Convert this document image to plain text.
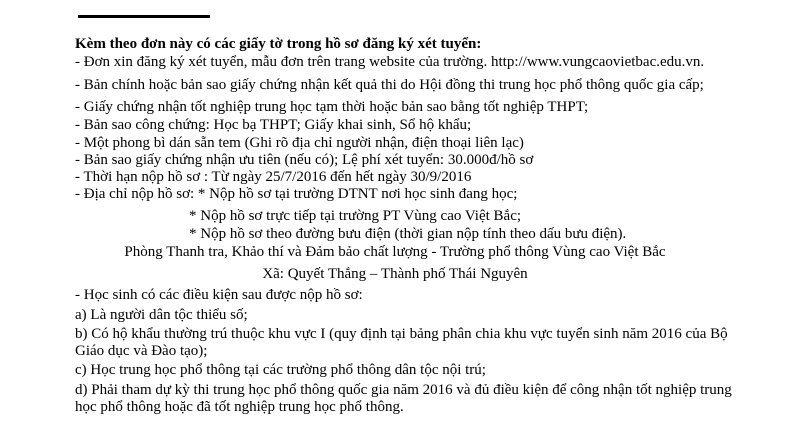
Kèm theo đơn này có các giấy tờ trong hồ sơ đăng ký xét tuyển:
- Đơn xin đăng ký xét tuyển, mẫu đơn trên trang website của trường. http://www.vungcaovietbac.edu.vn.
- Bản chính hoặc bản sao giấy chứng nhận kết quả thi do Hội đồng thi trung học phổ thông quốc gia cấp;
- Giấy chứng nhận tốt nghiệp trung học tạm thời hoặc bản sao bằng tốt nghiệp THPT;
- Bản sao công chứng: Học bạ THPT; Giấy khai sinh, Sổ hộ khẩu;
- Một phong bì dán sẵn tem (Ghi rõ địa chỉ người nhận, điện thoại liên lạc)
- Bản sao giấy chứng nhận ưu tiên (nếu có); Lệ phí xét tuyển: 30.000đ/hồ sơ
- Thời hạn nộp hồ sơ : Từ ngày 25/7/2016 đến hết ngày 30/9/2016
- Địa chỉ nộp hồ sơ: * Nộp hồ sơ tại trường DTNT nơi học sinh đang học;
* Nộp hồ sơ trực tiếp tại trường PT Vùng cao Việt Bắc;
* Nộp hồ sơ theo đường bưu điện (thời gian nộp tính theo dấu bưu điện).
Phòng Thanh tra, Khảo thí và Đảm bảo chất lượng - Trường phổ thông Vùng cao Việt Bắc
Xã: Quyết Thắng – Thành phố Thái Nguyên
- Học sinh có các điều kiện sau được nộp hồ sơ:
a) Là người dân tộc thiểu số;
b) Có hộ khẩu thường trú thuộc khu vực I (quy định tại bảng phân chia khu vực tuyển sinh năm 2016 của Bộ
Giáo dục và Đào tạo);
c) Học trung học phổ thông tại các trường phổ thông dân tộc nội trú;
d) Phải tham dự kỳ thi trung học phổ thông quốc gia năm 2016 và đủ điều kiện để công nhận tốt nghiệp trung
học phổ thông hoặc đã tốt nghiệp trung học phổ thông.
